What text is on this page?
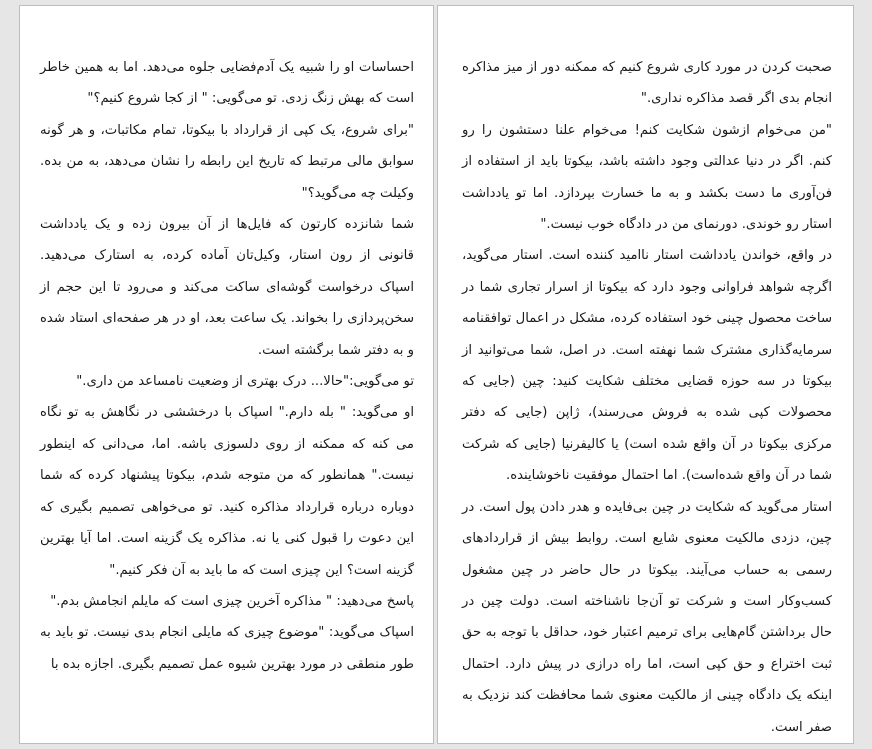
احساسات او را شبیه یک آدم‌فضایی جلوه می‌دهد. اما به همین خاطر است که بهش زنگ زدی. تو می‌گویی: " از کجا شروع کنیم؟"

"برای شروع، یک کپی از قرارداد با بیکوتا، تمام مکاتبات، و هر گونه سوابق مالی مرتبط که تاریخ این رابطه را نشان می‌دهد، به من بده. وکیلت چه می‌گوید؟"

شما شانزده کارتون که فایل‌ها از آن بیرون زده و یک یادداشت قانونی از رون استار، وکیل‌تان آماده کرده، به استارک می‌دهید. اسپاک درخواست گوشه‌ای ساکت می‌کند و می‌رود تا این حجم از سخن‌پردازی را بخواند. یک ساعت بعد، او در هر صفحه‌ای استاد شده و به دفتر شما برگشته است.

تو می‌گویی:"حالا... درک بهتری از وضعیت نامساعد من داری."

او می‌گوید: " بله دارم." اسپاک با درخششی در نگاهش به تو نگاه می کنه که ممکنه از روی دلسوزی باشه. اما، می‌دانی که اینطور نیست." همانطور که من متوجه شدم، بیکوتا پیشنهاد کرده که شما دوباره درباره قرارداد مذاکره کنید. تو می‌خواهی تصمیم بگیری که این دعوت را قبول کنی یا نه. مذاکره یک گزینه است. اما آیا بهترین گزینه است؟ این چیزی است که ما باید به آن فکر کنیم."

پاسخ می‌دهید: " مذاکره آخرین چیزی است که مایلم انجامش بدم."

اسپاک می‌گوید: "موضوع چیزی که مایلی انجام بدی نیست. تو باید به طور منطقی در مورد بهترین شیوه عمل تصمیم بگیری. اجازه بده با

صحبت کردن در مورد کاری شروع کنیم که ممکنه دور از میز مذاکره انجام بدی اگر قصد مذاکره نداری."

"من می‌خوام ازشون شکایت کنم! می‌خوام علنا دستشون را رو کنم. اگر در دنیا عدالتی وجود داشته باشد، بیکوتا باید از استفاده از فن‌آوری ما دست بکشد و به ما خسارت بپردازد. اما تو یادداشت استار رو خوندی. دورنمای من در دادگاه خوب نیست."

در واقع، خواندن یادداشت استار ناامید کننده است. استار می‌گوید، اگرچه شواهد فراوانی وجود دارد که بیکوتا از اسرار تجاری شما در ساخت محصول چینی خود استفاده کرده، مشکل در اعمال توافقنامه سرمایه‌گذاری مشترک شما نهفته است. در اصل، شما می‌توانید از بیکوتا در سه حوزه قضایی مختلف شکایت کنید: چین (جایی که محصولات کپی شده به فروش می‌رسند)، ژاپن (جایی که دفتر مرکزی بیکوتا در آن واقع شده است) یا کالیفرنیا (جایی که شرکت شما در آن واقع شده‌است). اما احتمال موفقیت ناخوشاینده.

استار می‌گوید که شکایت در چین بی‌فایده و هدر دادن پول است. در چین، دزدی مالکیت معنوی شایع است. روابط بیش از قراردادهای رسمی به حساب می‌آیند. بیکوتا در حال حاضر در چین مشغول کسب‌وکار است و شرکت تو آن‌جا ناشناخته است. دولت چین در حال برداشتن گام‌هایی برای ترمیم اعتبار خود، حداقل با توجه به حق ثبت اختراع و حق کپی است، اما راه درازی در پیش دارد. احتمال اینکه یک دادگاه چینی از مالکیت معنوی شما محافظت کند نزدیک به صفر است.
